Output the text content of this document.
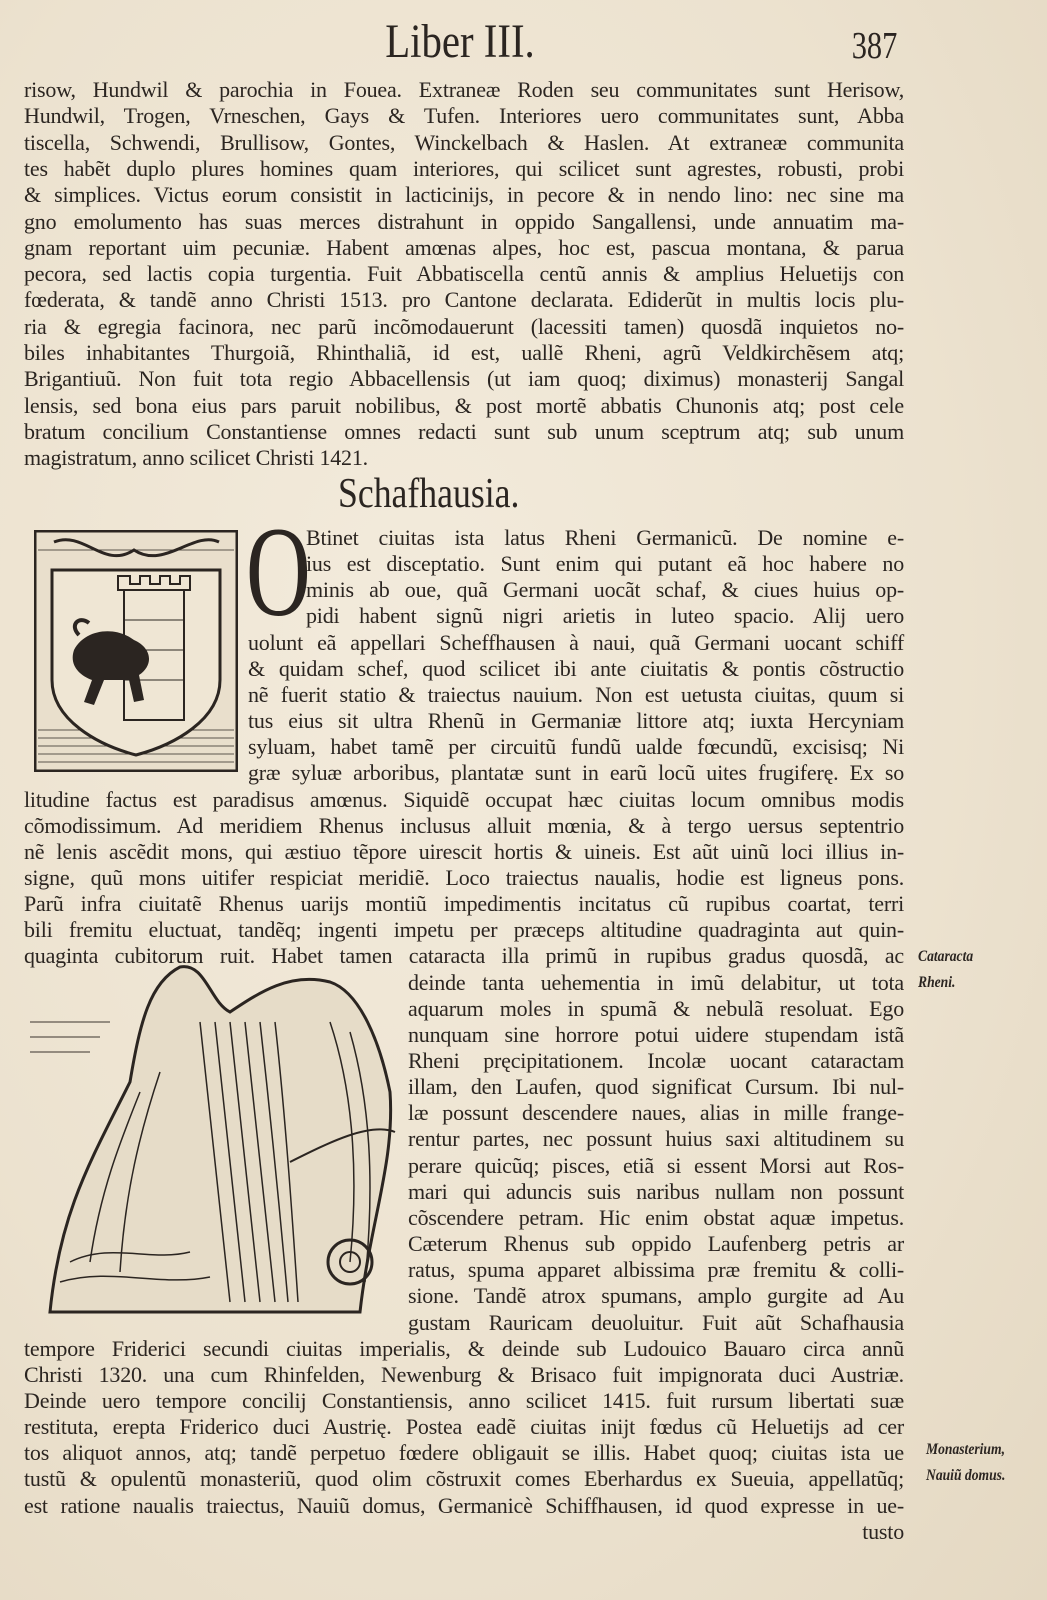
Liber III.	387
risow, Hundwil & parochia in Fouea. Extraneæ Roden seu communitates sunt Herisow,
Hundwil, Trogen, Vrneschen, Gays & Tufen. Interiores uero communitates sunt, Abba
tiscella, Schwendi, Brullisow, Gontes, Winckelbach & Haslen. At extraneæ communita
tes habẽt duplo plures homines quam interiores, qui scilicet sunt agrestes, robusti, probi
& simplices. Victus eorum consistit in lacticinijs, in pecore & in nendo lino: nec sine ma
gno emolumento has suas merces distrahunt in oppido Sangallensi, unde annuatim ma-
gnam reportant uim pecuniæ. Habent amœnas alpes, hoc est, pascua montana, & parua
pecora, sed lactis copia turgentia. Fuit Abbatiscella centũ annis & amplius Heluetijs con
fœderata, & tandẽ anno Christi 1513. pro Cantone declarata. Ediderũt in multis locis plu-
ria & egregia facinora, nec parũ incõmodauerunt (lacessiti tamen) quosdã inquietos no-
biles inhabitantes Thurgoiã, Rhinthaliã, id est, uallẽ Rheni, agrũ Veldkirchẽsem atq;
Brigantiuũ. Non fuit tota regio Abbacellensis (ut iam quoq; diximus) monasterij Sangal
lensis, sed bona eius pars paruit nobilibus, & post mortẽ abbatis Chunonis atq; post cele
bratum concilium Constantiense omnes redacti sunt sub unum sceptrum atq; sub unum
magistratum, anno scilicet Christi 1421.
Schafhausia.
O
Btinet ciuitas ista latus Rheni Germanicũ. De nomine e-
ius est disceptatio. Sunt enim qui putant eã hoc habere no
minis ab oue, quã Germani uocãt schaf, & ciues huius op-
pidi habent signũ nigri arietis in luteo spacio. Alij uero
uolunt eã appellari Scheffhausen à naui, quã Germani uocant schiff
& quidam schef, quod scilicet ibi ante ciuitatis & pontis cõstructio
nẽ fuerit statio & traiectus nauium. Non est uetusta ciuitas, quum si
tus eius sit ultra Rhenũ in Germaniæ littore atq; iuxta Hercyniam
syluam, habet tamẽ per circuitũ fundũ ualde fœcundũ, excisisq; Ni
græ syluæ arboribus, plantatæ sunt in earũ locũ uites frugiferę. Ex so
litudine factus est paradisus amœnus. Siquidẽ occupat hæc ciuitas locum omnibus modis
cõmodissimum. Ad meridiem Rhenus inclusus alluit mœnia, & à tergo uersus septentrio
nẽ lenis ascẽdit mons, qui æstiuo tẽpore uirescit hortis & uineis. Est aũt uinũ loci illius in-
signe, quũ mons uitifer respiciat meridiẽ. Loco traiectus naualis, hodie est ligneus pons.
Parũ infra ciuitatẽ Rhenus uarijs montiũ impedimentis incitatus cũ rupibus coartat, terri
bili fremitu eluctuat, tandẽq; ingenti impetu per præceps altitudine quadraginta aut quin-
quaginta cubitorum ruit. Habet tamen cataracta illa primũ in rupibus gradus quosdã, ac
deinde tanta uehementia in imũ delabitur, ut tota
aquarum moles in spumã & nebulã resoluat. Ego
nunquam sine horrore potui uidere stupendam istã
Rheni pręcipitationem. Incolæ uocant cataractam
illam, den Laufen, quod significat Cursum. Ibi nul-
læ possunt descendere naues, alias in mille frange-
rentur partes, nec possunt huius saxi altitudinem su
perare quicũq; pisces, etiã si essent Morsi aut Ros-
mari qui aduncis suis naribus nullam non possunt
cõscendere petram. Hic enim obstat aquæ impetus.
Cæterum Rhenus sub oppido Laufenberg petris ar
ratus, spuma apparet albissima præ fremitu & colli-
sione. Tandẽ atrox spumans, amplo gurgite ad Au
gustam Rauricam deuoluitur. Fuit aũt Schafhausia
tempore Friderici secundi ciuitas imperialis, & deinde sub Ludouico Bauaro circa annũ
Christi 1320. una cum Rhinfelden, Newenburg & Brisaco fuit impignorata duci Austriæ.
Deinde uero tempore concilij Constantiensis, anno scilicet 1415. fuit rursum libertati suæ
restituta, erepta Friderico duci Austrię. Postea eadẽ ciuitas inijt fœdus cũ Heluetijs ad cer
tos aliquot annos, atq; tandẽ perpetuo fœdere obligauit se illis. Habet quoq; ciuitas ista ue
tustũ & opulentũ monasteriũ, quod olim cõstruxit comes Eberhardus ex Sueuia, appellatũq;
est ratione naualis traiectus, Nauiũ domus, Germanicè Schiffhausen, id quod expresse in ue-
tusto
Cataracta
Rheni.
Monasterium,
Nauiũ domus.
